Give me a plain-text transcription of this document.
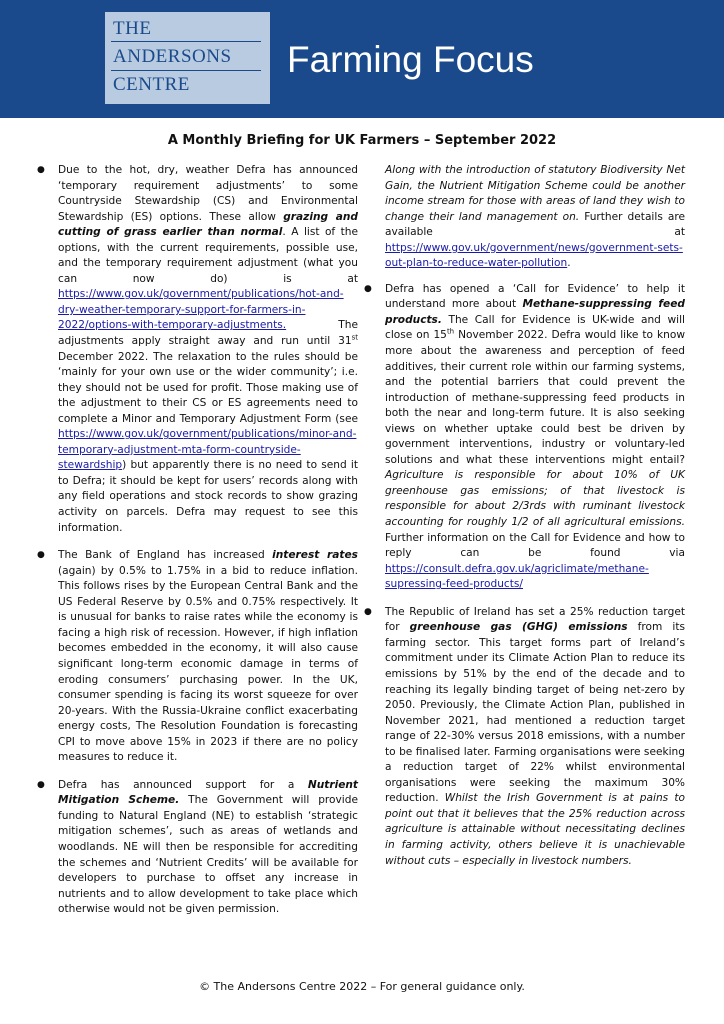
THE
ANDERSONS
CENTRE
Farming Focus
A Monthly Briefing for UK Farmers – September 2022

● Due to the hot, dry, weather Defra has announced ‘temporary requirement adjustments’ to some Countryside Stewardship (CS) and Environmental Stewardship (ES) options. These allow grazing and cutting of grass earlier than normal. A list of the options, with the current requirements, possible use, and the temporary requirement adjustment (what you can now do) is at https://www.gov.uk/government/publications/hot-and-dry-weather-temporary-support-for-farmers-in-2022/options-with-temporary-adjustments. The adjustments apply straight away and run until 31st December 2022. The relaxation to the rules should be ‘mainly for your own use or the wider community’; i.e. they should not be used for profit. Those making use of the adjustment to their CS or ES agreements need to complete a Minor and Temporary Adjustment Form (see https://www.gov.uk/government/publications/minor-and-temporary-adjustment-mta-form-countryside-stewardship) but apparently there is no need to send it to Defra; it should be kept for users’ records along with any field operations and stock records to show grazing activity on parcels. Defra may request to see this information.

● The Bank of England has increased interest rates (again) by 0.5% to 1.75% in a bid to reduce inflation. This follows rises by the European Central Bank and the US Federal Reserve by 0.5% and 0.75% respectively. It is unusual for banks to raise rates while the economy is facing a high risk of recession. However, if high inflation becomes embedded in the economy, it will also cause significant long-term economic damage in terms of eroding consumers’ purchasing power. In the UK, consumer spending is facing its worst squeeze for over 20-years. With the Russia-Ukraine conflict exacerbating energy costs, The Resolution Foundation is forecasting CPI to move above 15% in 2023 if there are no policy measures to reduce it.

● Defra has announced support for a Nutrient Mitigation Scheme. The Government will provide funding to Natural England (NE) to establish ‘strategic mitigation schemes’, such as areas of wetlands and woodlands. NE will then be responsible for accrediting the schemes and ‘Nutrient Credits’ will be available for developers to purchase to offset any increase in nutrients and to allow development to take place which otherwise would not be given permission.

Along with the introduction of statutory Biodiversity Net Gain, the Nutrient Mitigation Scheme could be another income stream for those with areas of land they wish to change their land management on. Further details are available at https://www.gov.uk/government/news/government-sets-out-plan-to-reduce-water-pollution.

● Defra has opened a ‘Call for Evidence’ to help it understand more about Methane-suppressing feed products. The Call for Evidence is UK-wide and will close on 15th November 2022. Defra would like to know more about the awareness and perception of feed additives, their current role within our farming systems, and the potential barriers that could prevent the introduction of methane-suppressing feed products in both the near and long-term future. It is also seeking views on whether uptake could best be driven by government interventions, industry or voluntary-led solutions and what these interventions might entail? Agriculture is responsible for about 10% of UK greenhouse gas emissions; of that livestock is responsible for about 2/3rds with ruminant livestock accounting for roughly 1/2 of all agricultural emissions. Further information on the Call for Evidence and how to reply can be found via https://consult.defra.gov.uk/agriclimate/methane-supressing-feed-products/

● The Republic of Ireland has set a 25% reduction target for greenhouse gas (GHG) emissions from its farming sector. This target forms part of Ireland’s commitment under its Climate Action Plan to reduce its emissions by 51% by the end of the decade and to reaching its legally binding target of being net-zero by 2050. Previously, the Climate Action Plan, published in November 2021, had mentioned a reduction target range of 22-30% versus 2018 emissions, with a number to be finalised later. Farming organisations were seeking a reduction target of 22% whilst environmental organisations were seeking the maximum 30% reduction. Whilst the Irish Government is at pains to point out that it believes that the 25% reduction across agriculture is attainable without necessitating declines in farming activity, others believe it is unachievable without cuts – especially in livestock numbers.

© The Andersons Centre 2022 – For general guidance only.
